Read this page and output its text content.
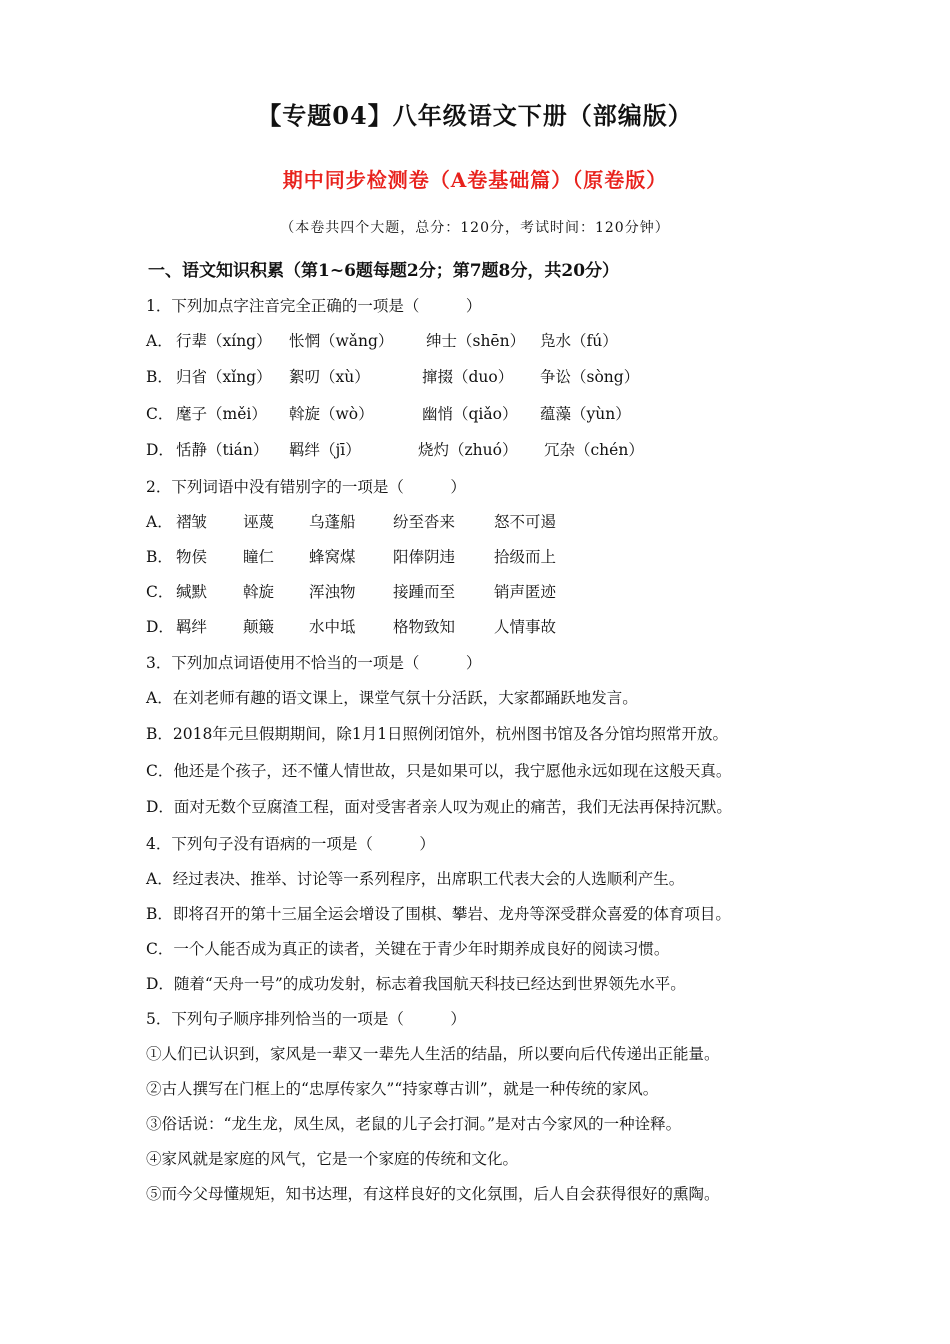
【专题04】八年级语文下册（部编版）
期中同步检测卷（A卷基础篇）（原卷版）
（本卷共四个大题，总分：120分，考试时间：120分钟）
一、语文知识积累（第1~6题每题2分；第7题8分，共20分）
1．下列加点字注音完全正确的一项是（　　　）
A． 行辈（xíng） 怅惘（wǎng） 绅士（shēn） 凫水（fú）
B． 归省（xǐng） 絮叨（xù）	撺掇（duo） 争讼（sòng）
C． 麾子（měi） 斡旋（wò）	幽悄（qiǎo） 蕴藻（yùn）
D． 恬静（tián） 羁绊（jī）	烧灼（zhuó） 冗杂（chén）
2．下列词语中没有错别字的一项是（　　　）
A． 褶皱 诬蔑 乌蓬船 纷至沓来	怒不可遏
B． 物侯 瞳仁 蜂窝煤 阳俸阴违	拾级而上
C． 缄默 斡旋 浑浊物 接踵而至	销声匿迹
D． 羁绊 颠簸 水中坻 格物致知	人情事故
3．下列加点词语使用不恰当的一项是（　　　）
A．在刘老师有趣的语文课上，课堂气氛十分活跃，大家都踊跃地发言。
B．2018年元旦假期期间，除1月1日照例闭馆外，杭州图书馆及各分馆均照常开放。
C．他还是个孩子，还不懂人情世故，只是如果可以，我宁愿他永远如现在这般天真。
D．面对无数个豆腐渣工程，面对受害者亲人叹为观止的痛苦，我们无法再保持沉默。
4．下列句子没有语病的一项是（　　　）
A．经过表决、推举、讨论等一系列程序，出席职工代表大会的人选顺利产生。
B．即将召开的第十三届全运会增设了围棋、攀岩、龙舟等深受群众喜爱的体育项目。
C．一个人能否成为真正的读者，关键在于青少年时期养成良好的阅读习惯。
D．随着“天舟一号”的成功发射，标志着我国航天科技已经达到世界领先水平。
5．下列句子顺序排列恰当的一项是（　　　）
①人们已认识到，家风是一辈又一辈先人生活的结晶，所以要向后代传递出正能量。
②古人撰写在门框上的“忠厚传家久”“持家尊古训”，就是一种传统的家风。
③俗话说：“龙生龙，凤生凤，老鼠的儿子会打洞。”是对古今家风的一种诠释。
④家风就是家庭的风气，它是一个家庭的传统和文化。
⑤而今父母懂规矩，知书达理，有这样良好的文化氛围，后人自会获得很好的熏陶。
